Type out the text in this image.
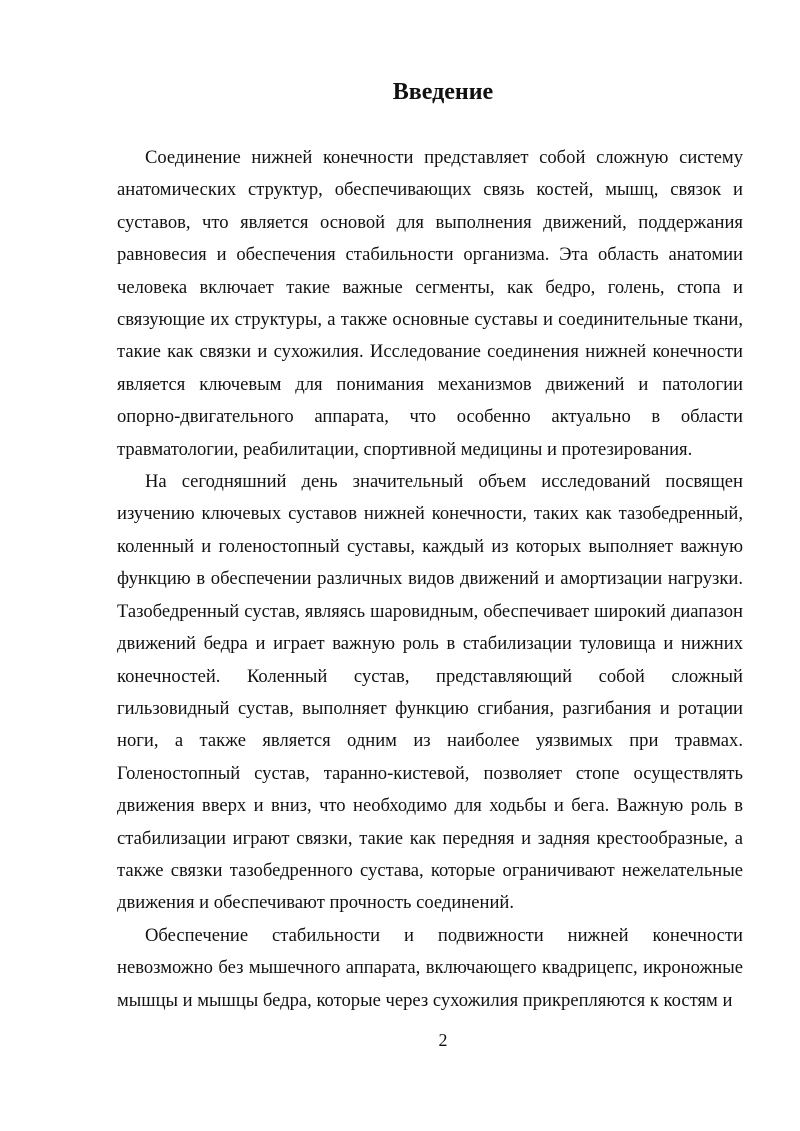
Введение

Соединение нижней конечности представляет собой сложную систему анатомических структур, обеспечивающих связь костей, мышц, связок и суставов, что является основой для выполнения движений, поддержания равновесия и обеспечения стабильности организма. Эта область анатомии человека включает такие важные сегменты, как бедро, голень, стопа и связующие их структуры, а также основные суставы и соединительные ткани, такие как связки и сухожилия. Исследование соединения нижней конечности является ключевым для понимания механизмов движений и патологии опорно-двигательного аппарата, что особенно актуально в области травматологии, реабилитации, спортивной медицины и протезирования.

На сегодняшний день значительный объем исследований посвящен изучению ключевых суставов нижней конечности, таких как тазобедренный, коленный и голеностопный суставы, каждый из которых выполняет важную функцию в обеспечении различных видов движений и амортизации нагрузки. Тазобедренный сустав, являясь шаровидным, обеспечивает широкий диапазон движений бедра и играет важную роль в стабилизации туловища и нижних конечностей. Коленный сустав, представляющий собой сложный гильзовидный сустав, выполняет функцию сгибания, разгибания и ротации ноги, а также является одним из наиболее уязвимых при травмах. Голеностопный сустав, таранно-кистевой, позволяет стопе осуществлять движения вверх и вниз, что необходимо для ходьбы и бега. Важную роль в стабилизации играют связки, такие как передняя и задняя крестообразные, а также связки тазобедренного сустава, которые ограничивают нежелательные движения и обеспечивают прочность соединений.

Обеспечение стабильности и подвижности нижней конечности невозможно без мышечного аппарата, включающего квадрицепс, икроножные мышцы и мышцы бедра, которые через сухожилия прикрепляются к костям и

2
